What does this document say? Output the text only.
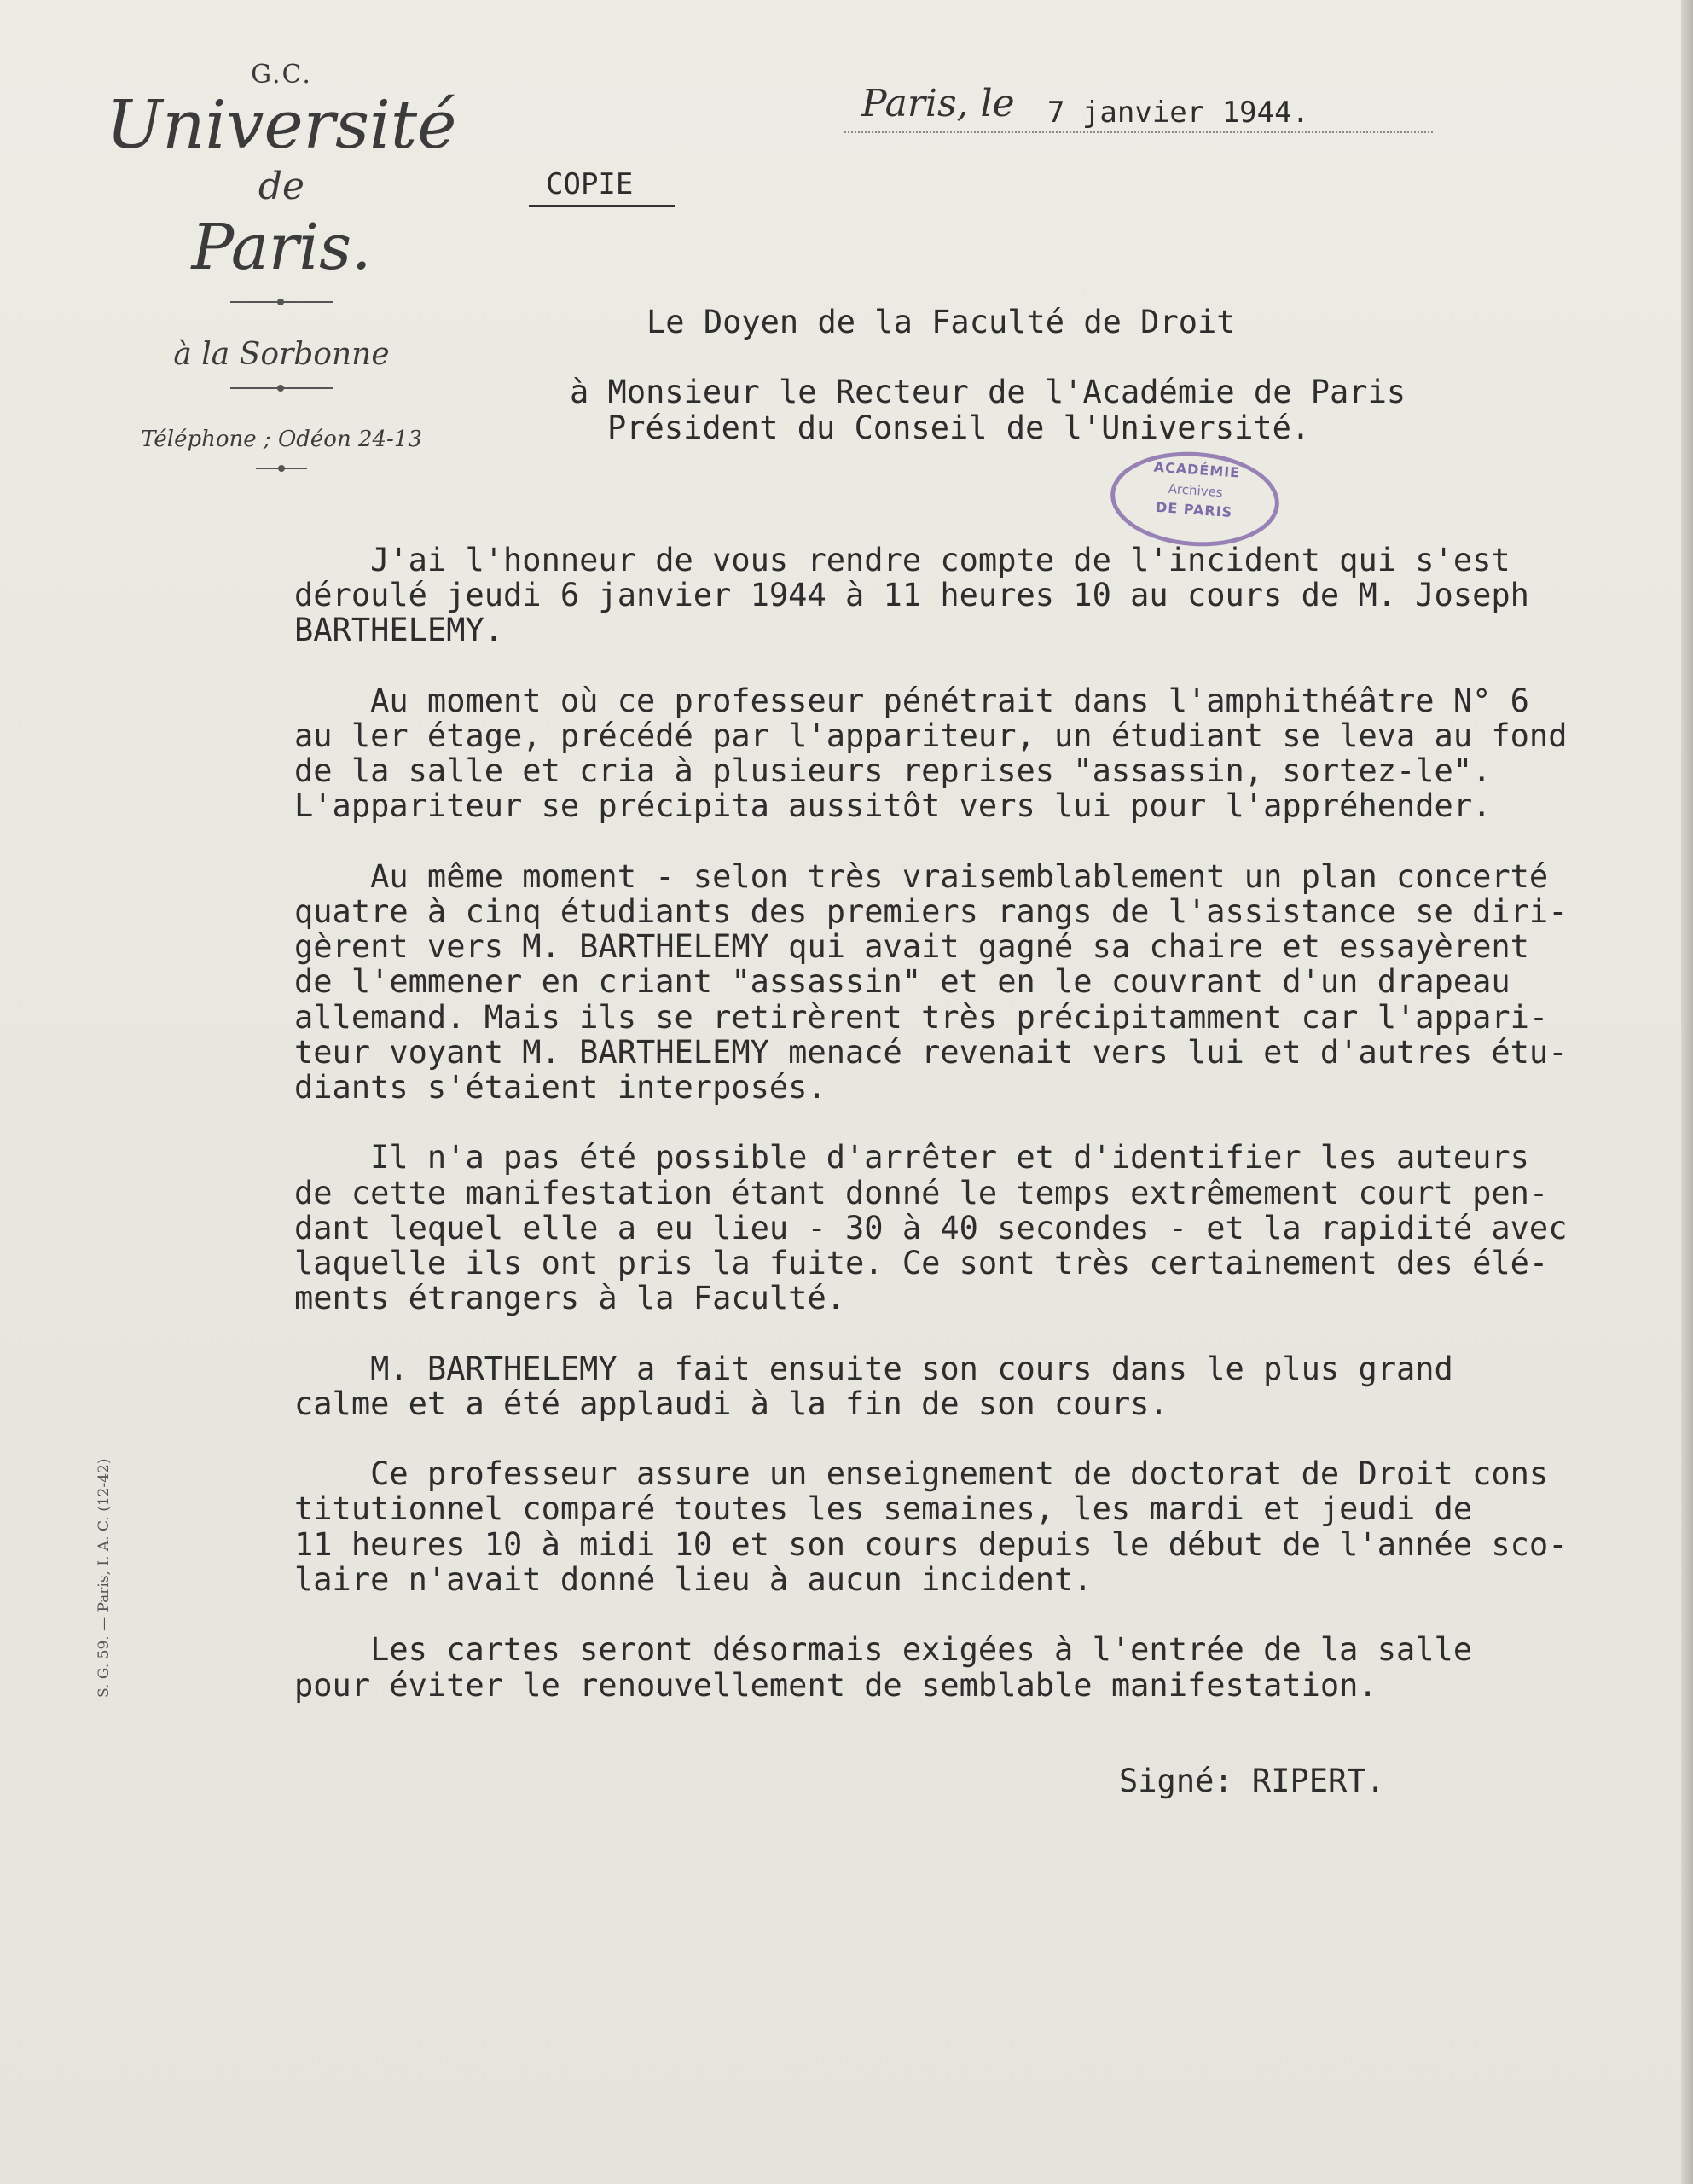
G.C.
Université
de
Paris.
à la Sorbonne
Téléphone ; Odéon 24-13
Paris, le 7 janvier 1944.
COPIE
Le Doyen de la Faculté de Droit
à Monsieur le Recteur de l'Académie de Paris
Président du Conseil de l'Université.
ACADÉMIE
Archives
DE PARIS
J'ai l'honneur de vous rendre compte de l'incident qui s'est
déroulé jeudi 6 janvier 1944 à 11 heures 10 au cours de M. Joseph
BARTHELEMY.

Au moment où ce professeur pénétrait dans l'amphithéâtre N° 6
au ler étage, précédé par l'appariteur, un étudiant se leva au fond
de la salle et cria à plusieurs reprises "assassin, sortez-le".
L'appariteur se précipita aussitôt vers lui pour l'appréhender.

Au même moment - selon très vraisemblablement un plan concerté
quatre à cinq étudiants des premiers rangs de l'assistance se diri-
gèrent vers M. BARTHELEMY qui avait gagné sa chaire et essayèrent
de l'emmener en criant "assassin" et en le couvrant d'un drapeau
allemand. Mais ils se retirèrent très précipitamment car l'appari-
teur voyant M. BARTHELEMY menacé revenait vers lui et d'autres étu-
diants s'étaient interposés.

Il n'a pas été possible d'arrêter et d'identifier les auteurs
de cette manifestation étant donné le temps extrêmement court pen-
dant lequel elle a eu lieu - 30 à 40 secondes - et la rapidité avec
laquelle ils ont pris la fuite. Ce sont très certainement des élé-
ments étrangers à la Faculté.

M. BARTHELEMY a fait ensuite son cours dans le plus grand
calme et a été applaudi à la fin de son cours.

Ce professeur assure un enseignement de doctorat de Droit cons
titutionnel comparé toutes les semaines, les mardi et jeudi de
11 heures 10 à midi 10 et son cours depuis le début de l'année sco-
laire n'avait donné lieu à aucun incident.

Les cartes seront désormais exigées à l'entrée de la salle
pour éviter le renouvellement de semblable manifestation.
Signé: RIPERT.
S. G. 59. — Paris, I. A. C. (12-42)
